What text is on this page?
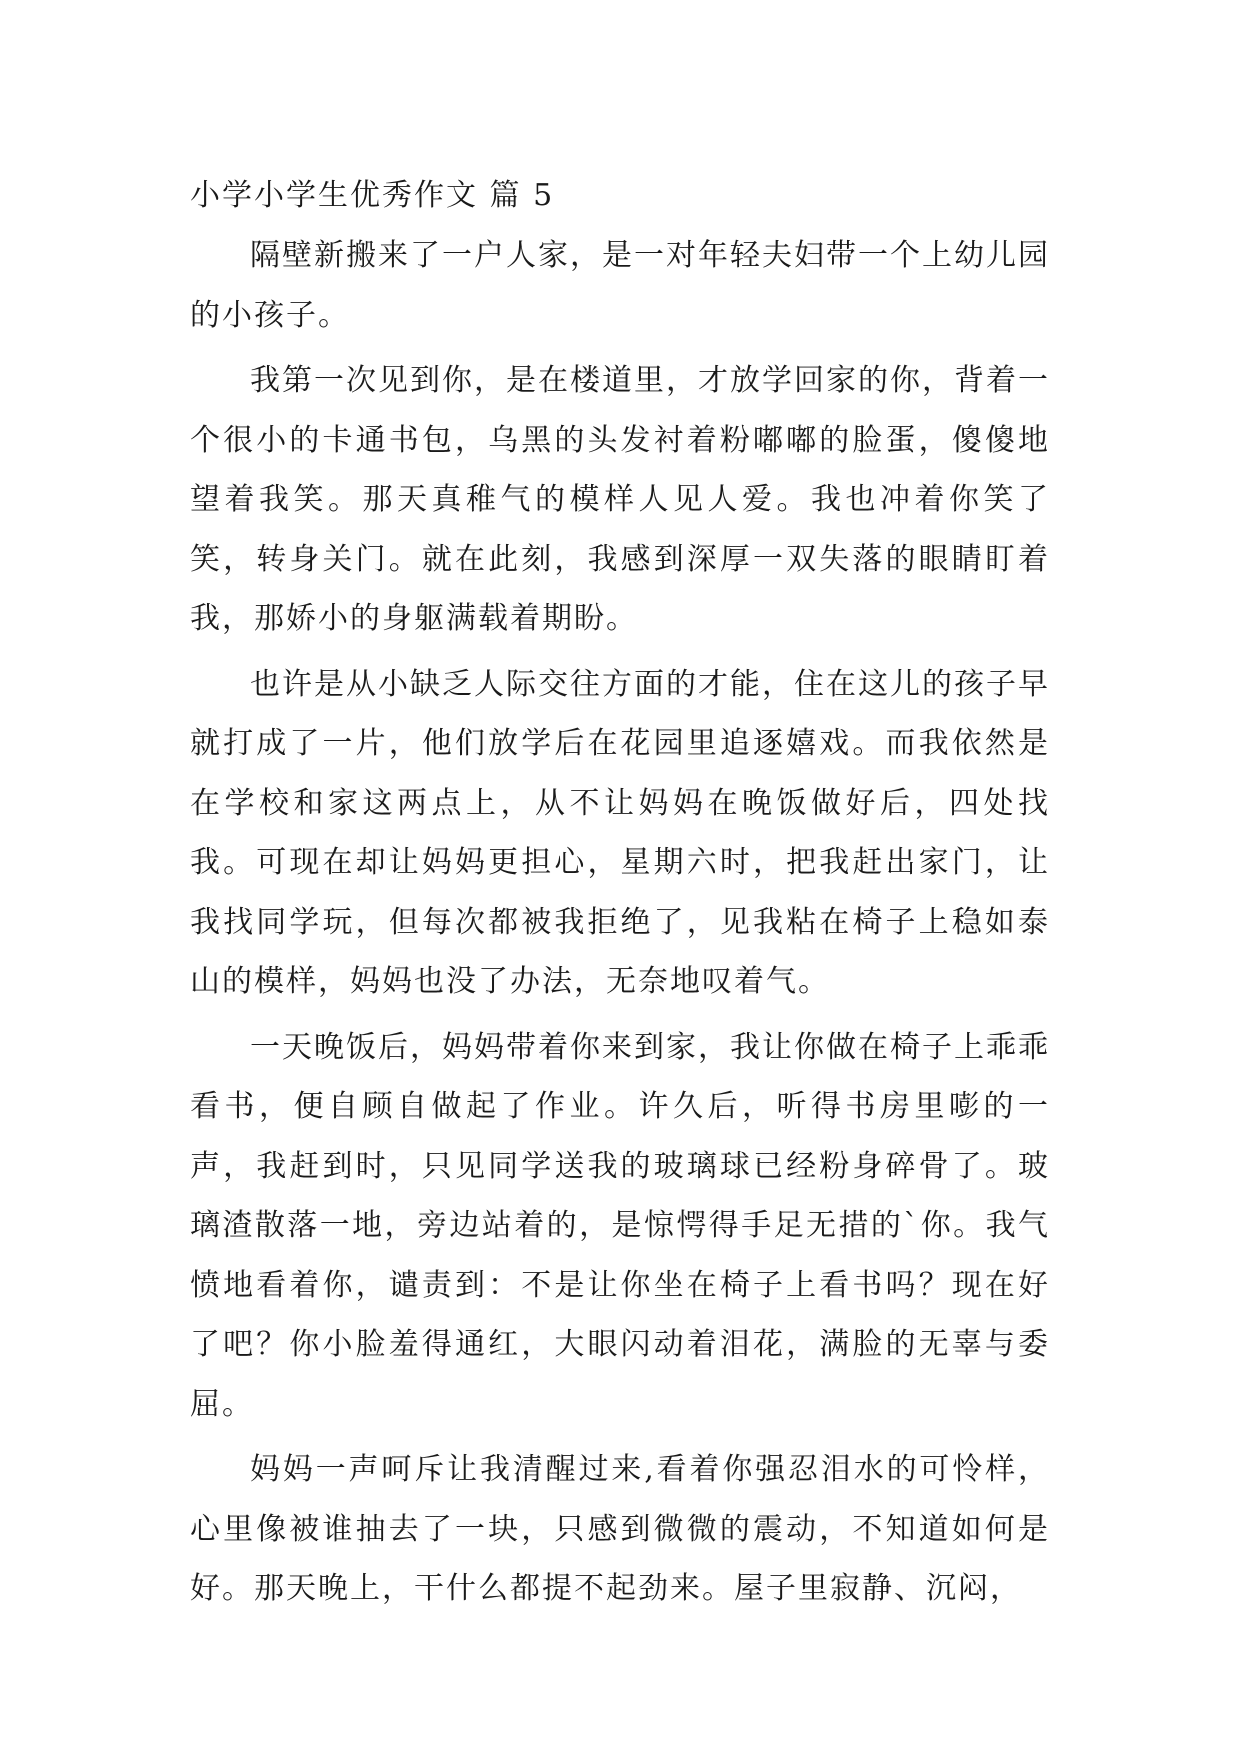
小学小学生优秀作文 篇 5

隔壁新搬来了一户人家，是一对年轻夫妇带一个上幼儿园的小孩子。

我第一次见到你，是在楼道里，才放学回家的你，背着一个很小的卡通书包，乌黑的头发衬着粉嘟嘟的脸蛋，傻傻地望着我笑。那天真稚气的模样人见人爱。我也冲着你笑了笑，转身关门。就在此刻，我感到深厚一双失落的眼睛盯着我，那娇小的身躯满载着期盼。

也许是从小缺乏人际交往方面的才能，住在这儿的孩子早就打成了一片，他们放学后在花园里追逐嬉戏。而我依然是在学校和家这两点上，从不让妈妈在晚饭做好后，四处找我。可现在却让妈妈更担心，星期六时，把我赶出家门，让我找同学玩，但每次都被我拒绝了，见我粘在椅子上稳如泰山的模样，妈妈也没了办法，无奈地叹着气。

一天晚饭后，妈妈带着你来到家，我让你做在椅子上乖乖看书，便自顾自做起了作业。许久后，听得书房里嘭的一声，我赶到时，只见同学送我的玻璃球已经粉身碎骨了。玻璃渣散落一地，旁边站着的，是惊愕得手足无措的`你。我气愤地看着你，谴责到：不是让你坐在椅子上看书吗？现在好了吧？你小脸羞得通红，大眼闪动着泪花，满脸的无辜与委屈。

妈妈一声呵斥让我清醒过来,看着你强忍泪水的可怜样，心里像被谁抽去了一块，只感到微微的震动，不知道如何是好。那天晚上，干什么都提不起劲来。屋子里寂静、沉闷，
